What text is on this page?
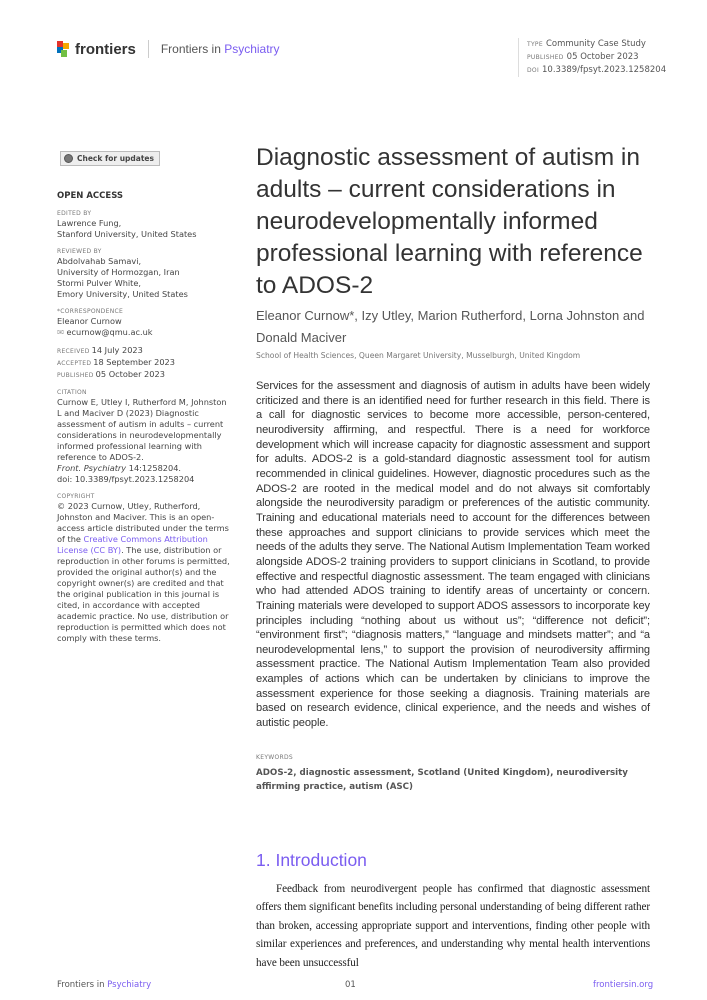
frontiers Frontiers in Psychiatry	TYPE Community Case Study
PUBLISHED 05 October 2023
DOI 10.3389/fpsyt.2023.1258204
Check for updates
OPEN ACCESS
EDITED BY
Lawrence Fung,
Stanford University, United States
REVIEWED BY
Abdolvahab Samavi,
University of Hormozgan, Iran
Stormi Pulver White,
Emory University, United States
*CORRESPONDENCE
Eleanor Curnow
✉ ecurnow@qmu.ac.uk
RECEIVED 14 July 2023
ACCEPTED 18 September 2023
PUBLISHED 05 October 2023
CITATION
Curnow E, Utley I, Rutherford M, Johnston L and Maciver D (2023) Diagnostic assessment of autism in adults – current considerations in neurodevelopmentally informed professional learning with reference to ADOS-2.
Front. Psychiatry 14:1258204.
doi: 10.3389/fpsyt.2023.1258204
COPYRIGHT
© 2023 Curnow, Utley, Rutherford, Johnston and Maciver. This is an open-access article distributed under the terms of the Creative Commons Attribution License (CC BY). The use, distribution or reproduction in other forums is permitted, provided the original author(s) and the copyright owner(s) are credited and that the original publication in this journal is cited, in accordance with accepted academic practice. No use, distribution or reproduction is permitted which does not comply with these terms.
Diagnostic assessment of autism in adults – current considerations in neurodevelopmentally informed professional learning with reference to ADOS-2
Eleanor Curnow*, Izy Utley, Marion Rutherford, Lorna Johnston and Donald Maciver
School of Health Sciences, Queen Margaret University, Musselburgh, United Kingdom

Services for the assessment and diagnosis of autism in adults have been widely criticized and there is an identified need for further research in this field. There is a call for diagnostic services to become more accessible, person-centered, neurodiversity affirming, and respectful. There is a need for workforce development which will increase capacity for diagnostic assessment and support for adults. ADOS-2 is a gold-standard diagnostic assessment tool for autism recommended in clinical guidelines. However, diagnostic procedures such as the ADOS-2 are rooted in the medical model and do not always sit comfortably alongside the neurodiversity paradigm or preferences of the autistic community. Training and educational materials need to account for the differences between these approaches and support clinicians to provide services which meet the needs of the adults they serve. The National Autism Implementation Team worked alongside ADOS-2 training providers to support clinicians in Scotland, to provide effective and respectful diagnostic assessment. The team engaged with clinicians who had attended ADOS training to identify areas of uncertainty or concern. Training materials were developed to support ADOS assessors to incorporate key principles including “nothing about us without us”; “difference not deficit”; “environment first”; “diagnosis matters,” “language and mindsets matter”; and “a neurodevelopmental lens,” to support the provision of neurodiversity affirming assessment practice. The National Autism Implementation Team also provided examples of actions which can be undertaken by clinicians to improve the assessment experience for those seeking a diagnosis. Training materials are based on research evidence, clinical experience, and the needs and wishes of autistic people.

KEYWORDS
ADOS-2, diagnostic assessment, Scotland (United Kingdom), neurodiversity affirming practice, autism (ASC)
1. Introduction

Feedback from neurodivergent people has confirmed that diagnostic assessment offers them significant benefits including personal understanding of being different rather than broken, accessing appropriate support and interventions, finding other people with similar experiences and preferences, and understanding why mental health interventions have been unsuccessful

Frontiers in Psychiatry	01	frontiersin.org
